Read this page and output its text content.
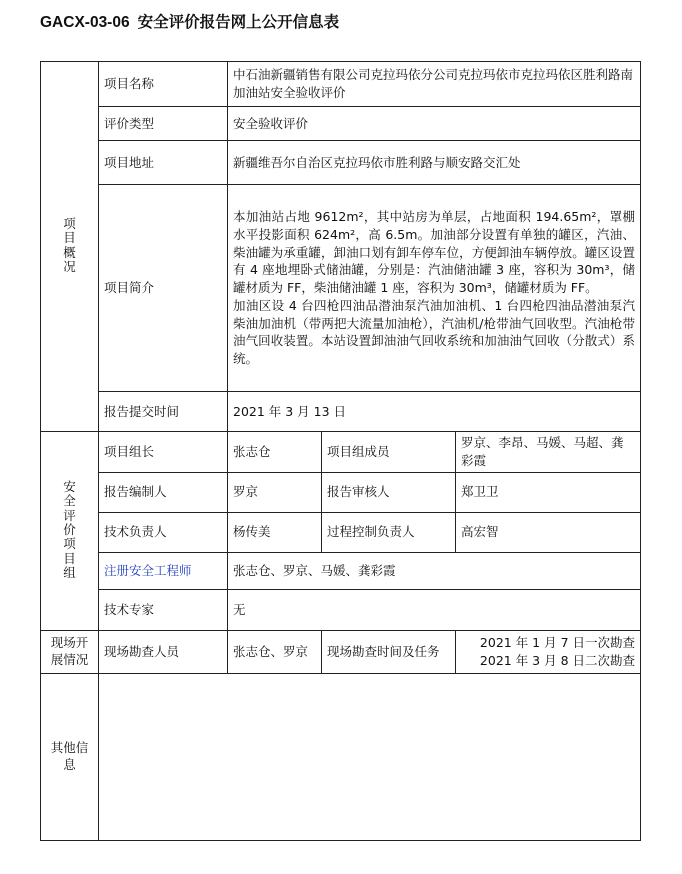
GACX-03-06 安全评价报告网上公开信息表
项目概况	项目名称	中石油新疆销售有限公司克拉玛依分公司克拉玛依市克拉玛依区胜利路南加油站安全验收评价		
	评价类型	安全验收评价		
	项目地址	新疆维吾尔自治区克拉玛依市胜利路与顺安路交汇处		
	项目简介	本加油站占地 9612m²，其中站房为单层，占地面积 194.65m²，罩棚水平投影面积 624m²，高 6.5m。加油部分设置有单独的罐区，汽油、柴油罐为承重罐，卸油口划有卸车停车位，方便卸油车辆停放。罐区设置有 4 座地埋卧式储油罐，分别是：汽油储油罐 3 座，容积为 30m³，储罐材质为 FF，柴油储油罐 1 座，容积为 30m³，储罐材质为 FF。

加油区设 4 台四枪四油品潜油泵汽油加油机、1 台四枪四油品潜油泵汽柴油加油机（带两把大流量加油枪），汽油机/枪带油气回收型。汽油枪带油气回收装置。本站设置卸油油气回收系统和加油油气回收（分散式）系统。		

	报告提交时间	2021 年 3 月 13 日		
安全评价项目组	项目组长	张志仓	项目组成员	罗京、李昂、马媛、马超、龚彩霞
	报告编制人	罗京	报告审核人	郑卫卫
	技术负责人	杨传美	过程控制负责人	高宏智
	注册安全工程师	张志仓、罗京、马媛、龚彩霞		
	技术专家	无		
现场开展情况	现场勘查人员	张志仓、罗京	现场勘查时间及任务	2021 年 1 月 7 日一次勘查
2021 年 3 月 8 日二次勘查

其他信息				
